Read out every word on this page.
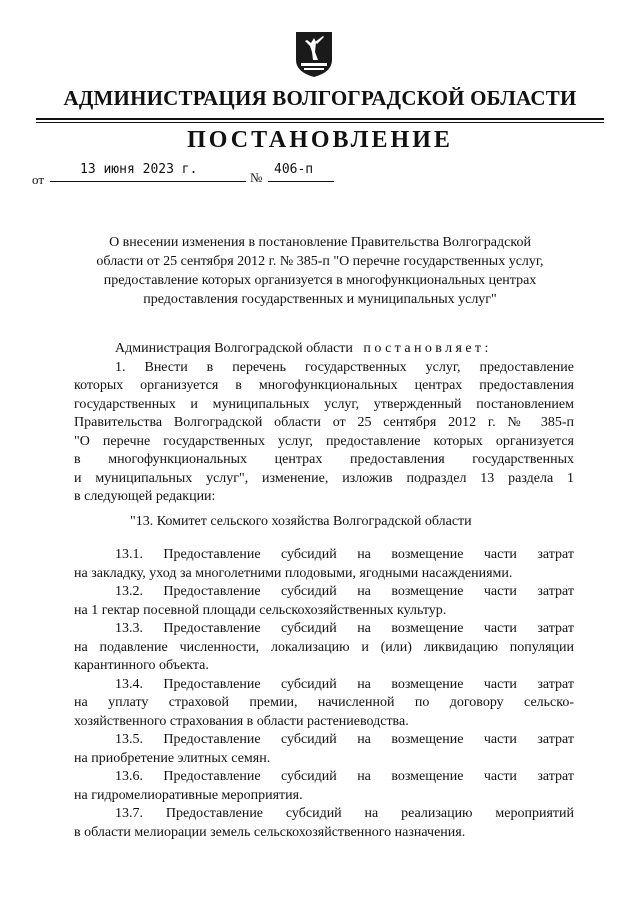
АДМИНИСТРАЦИЯ ВОЛГОГРАДСКОЙ ОБЛАСТИ
ПОСТАНОВЛЕНИЕ
от
13 июня 2023 г.
№
406-п
О внесении изменения в постановление Правительства Волгоградской
области от 25 сентября 2012 г. № 385-п "О перечне государственных услуг,
предоставление которых организуется в многофункциональных центрах
предоставления государственных и муниципальных услуг"
Администрация Волгоградской области постановляет:
1. Внести в перечень государственных услуг, предоставление
которых организуется в многофункциональных центрах предоставления
государственных и муниципальных услуг, утвержденный постановлением
Правительства Волгоградской области от 25 сентября 2012 г. № 385-п
"О перечне государственных услуг, предоставление которых организуется
в многофункциональных центрах предоставления государственных
и муниципальных услуг", изменение, изложив подраздел 13 раздела 1
в следующей редакции:
"13. Комитет сельского хозяйства Волгоградской области
13.1. Предоставление субсидий на возмещение части затрат
на закладку, уход за многолетними плодовыми, ягодными насаждениями.
13.2. Предоставление субсидий на возмещение части затрат
на 1 гектар посевной площади сельскохозяйственных культур.
13.3. Предоставление субсидий на возмещение части затрат
на подавление численности, локализацию и (или) ликвидацию популяции
карантинного объекта.
13.4. Предоставление субсидий на возмещение части затрат
на уплату страховой премии, начисленной по договору сельско-
хозяйственного страхования в области растениеводства.
13.5. Предоставление субсидий на возмещение части затрат
на приобретение элитных семян.
13.6. Предоставление субсидий на возмещение части затрат
на гидромелиоративные мероприятия.
13.7. Предоставление субсидий на реализацию мероприятий
в области мелиорации земель сельскохозяйственного назначения.
